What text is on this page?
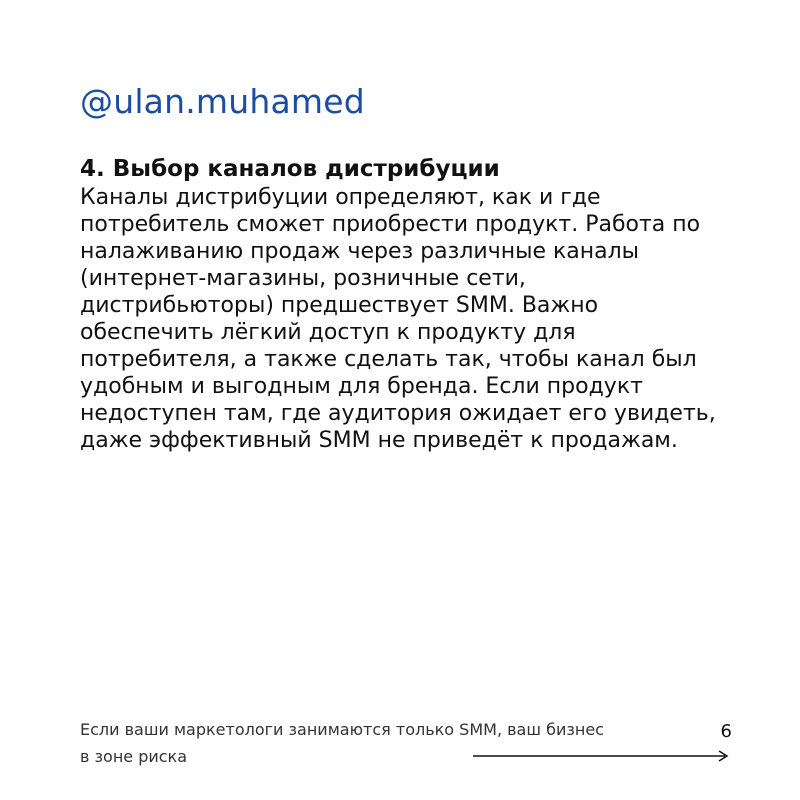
@ulan.muhamed

4. Выбор каналов дистрибуции

Каналы дистрибуции определяют, как и где

потребитель сможет приобрести продукт. Работа по

налаживанию продаж через различные каналы

(интернет-магазины, розничные сети,

дистрибьюторы) предшествует SMM. Важно

обеспечить лёгкий доступ к продукту для

потребителя, а также сделать так, чтобы канал был

удобным и выгодным для бренда. Если продукт

недоступен там, где аудитория ожидает его увидеть,

даже эффективный SMM не приведёт к продажам.

Если ваши маркетологи занимаются только SMM, ваш бизнес
в зоне риска
6
